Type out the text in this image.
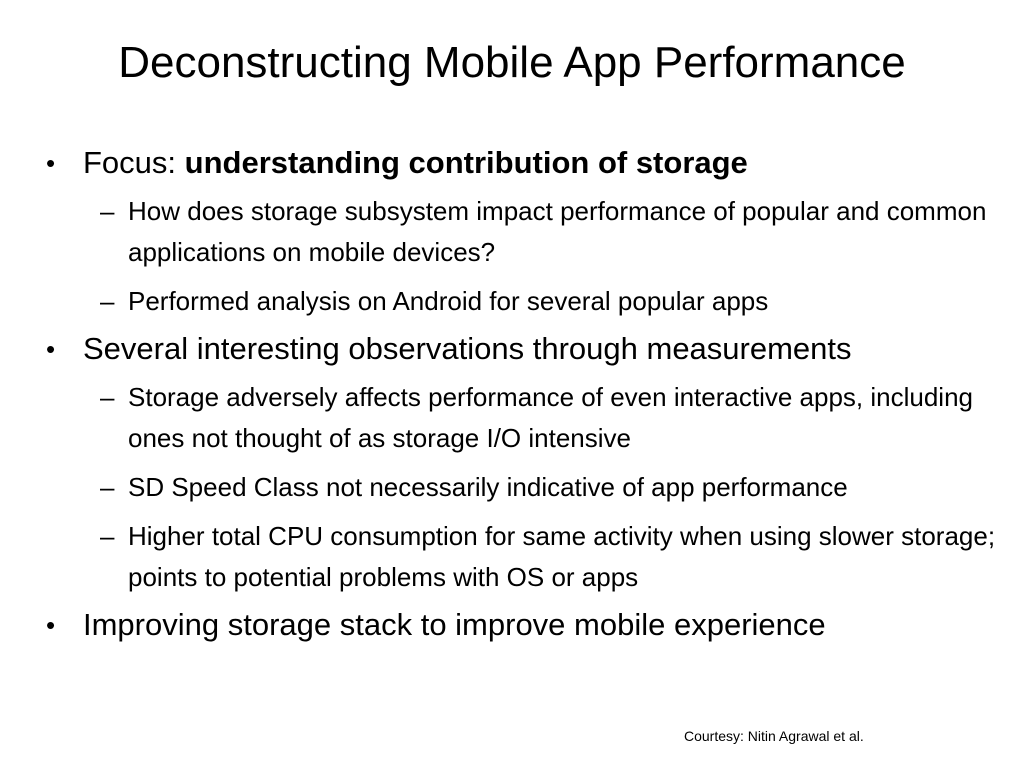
Deconstructing Mobile App Performance
• Focus: understanding contribution of storage
– How does storage subsystem impact performance of popular and common applications on mobile devices?
– Performed analysis on Android for several popular apps
• Several interesting observations through measurements
– Storage adversely affects performance of even interactive apps, including ones not thought of as storage I/O intensive
– SD Speed Class not necessarily indicative of app performance
– Higher total CPU consumption for same activity when using slower storage; points to potential problems with OS or apps
• Improving storage stack to improve mobile experience
Courtesy: Nitin Agrawal et al.
